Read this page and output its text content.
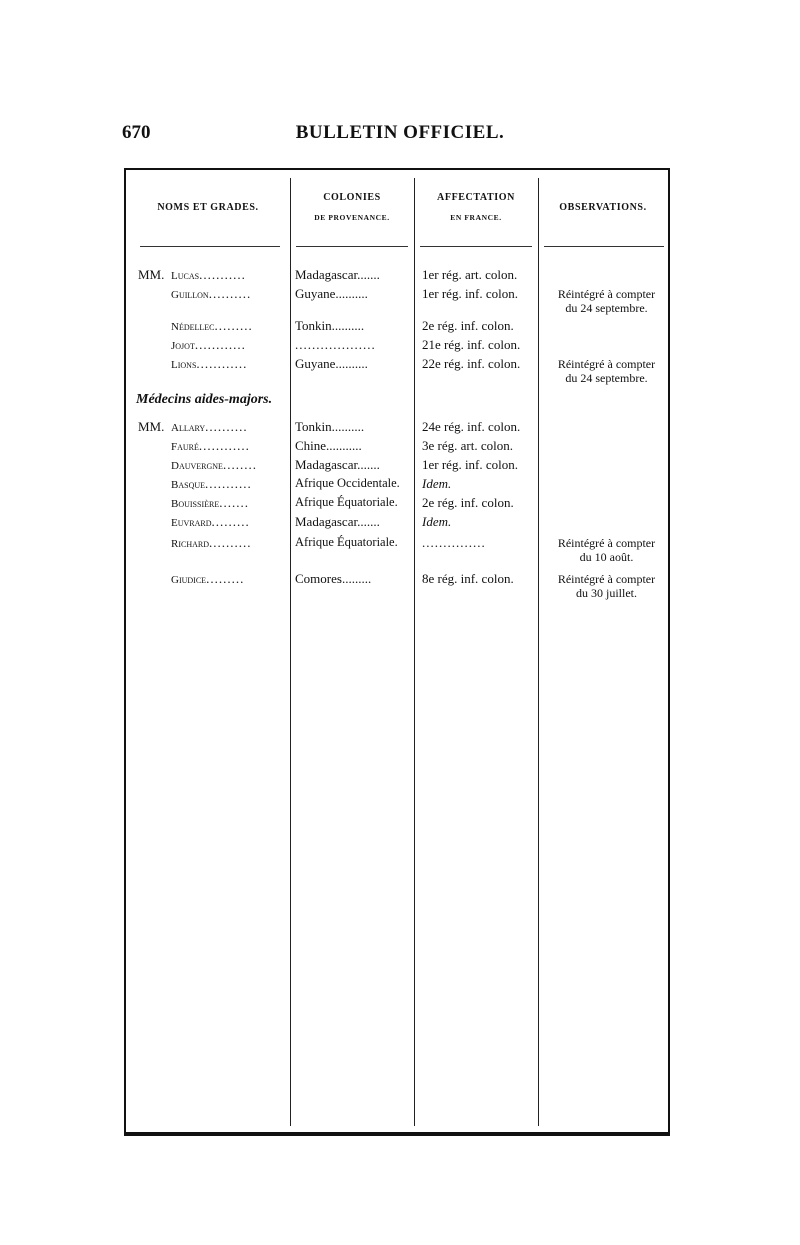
670	BULLETIN OFFICIEL.
NOMS ET GRADES.
COLONIES
DE PROVENANCE.
AFFECTATION
EN FRANCE.
OBSERVATIONS.
MM. Lucas...........	Madagascar.......	1er rég. art. colon.
Guillon..........	Guyane..........	1er rég. inf. colon.	Réintégré à compter
du 24 septembre.
Nédellec.........	Tonkin..........	2e rég. inf. colon.
Jojot............	...................	21e rég. inf. colon.
Lions............	Guyane..........	22e rég. inf. colon.	Réintégré à compter
du 24 septembre.
Médecins aides-majors.
MM. Allary..........	Tonkin..........	24e rég. inf. colon.
Fauré............	Chine...........	3e rég. art. colon.
Dauvergne........	Madagascar.......	1er rég. inf. colon.
Basque...........	Afrique Occidentale. Idem.
Bouissière.......	Afrique Équatoriale. 2e rég. inf. colon.
Euvrard.........	Madagascar.......	Idem.
Richard..........	Afrique Équatoriale. ...............	Réintégré à compter
du 10 août.
Giudice.........	Comores.........	8e rég. inf. colon.	Réintégré à compter
du 30 juillet.
